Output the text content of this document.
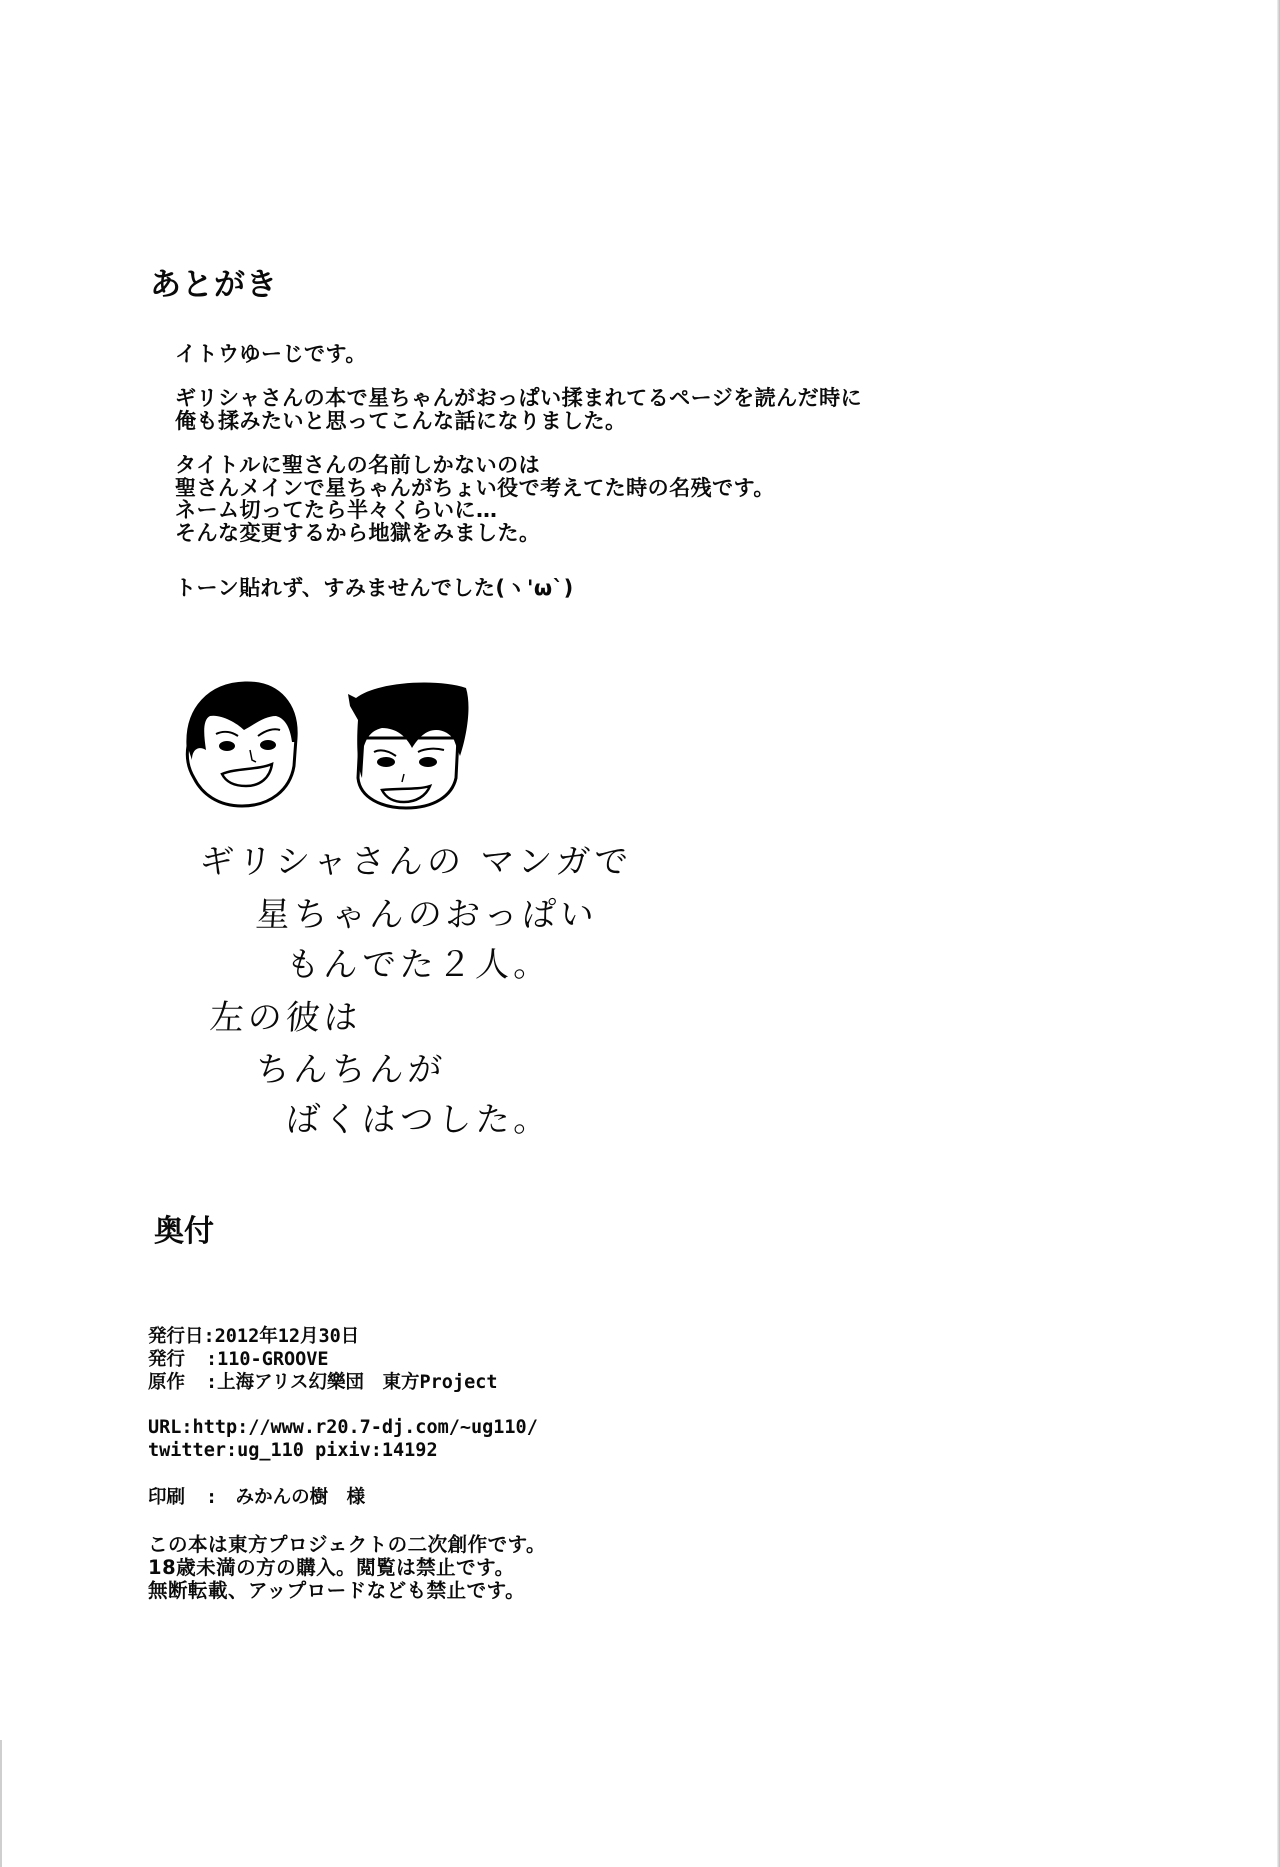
あとがき
イトウゆーじです。
ギリシャさんの本で星ちゃんがおっぱい揉まれてるページを読んだ時に
俺も揉みたいと思ってこんな話になりました。
タイトルに聖さんの名前しかないのは
聖さんメインで星ちゃんがちょい役で考えてた時の名残です。
ネーム切ってたら半々くらいに…
そんな変更するから地獄をみました。
トーン貼れず、すみませんでした(ヽ'ω`)
ギリシャさんの マンガで
星ちゃんのおっぱい
もんでた２人。
左の彼は
ちんちんが
ばくはつした。
奥付
発行日 :2012年12月30日
発行	:110-GROOVE
原作	:上海アリス幻樂団　東方Project
URL:http://www.r20.7-dj.com/~ug110/
twitter:ug_110 pixiv:14192
印刷	:　みかんの樹　様
この本は東方プロジェクトの二次創作です。
18歳未満の方の購入。閲覧は禁止です。
無断転載、アップロードなども禁止です。
